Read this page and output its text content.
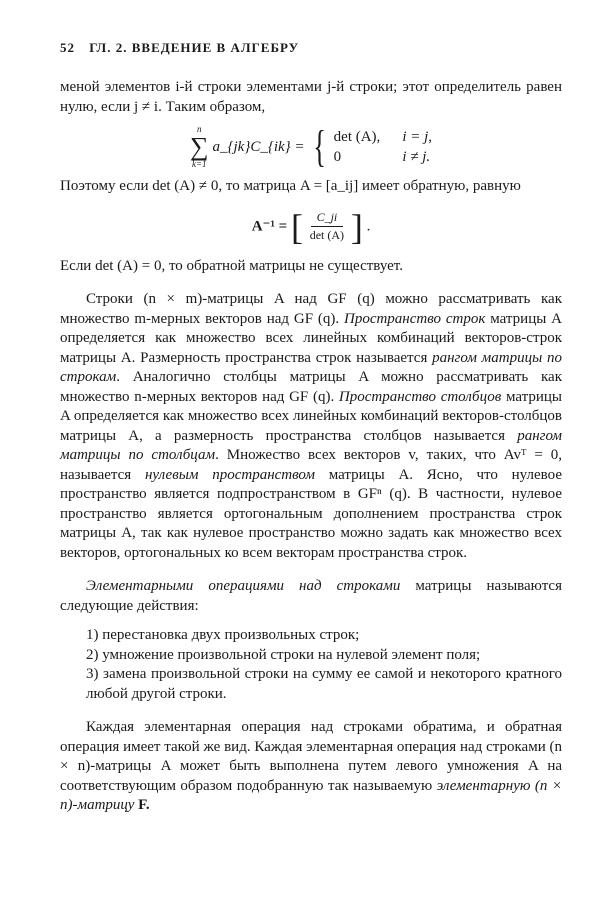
52 ГЛ. 2. ВВЕДЕНИЕ В АЛГЕБРУ

меной элементов i-й строки элементами j-й строки; этот определитель равен нулю, если j ≠ i. Таким образом,

n
∑
k=1
a_{jk}C_{ik} = { det (A), i = j,
0	i ≠ j.

Поэтому если det (A) ≠ 0, то матрица A = [a_ij] имеет обратную, равную

A⁻¹ = [ $\frac{C\_ji}{\det (A)}$ ] .

Если det (A) = 0, то обратной матрицы не существует.

Строки (n × m)-матрицы A над GF (q) можно рассматривать как множество m-мерных векторов над GF (q). Пространство строк матрицы A определяется как множество всех линейных комбинаций векторов-строк матрицы A. Размерность пространства строк называется рангом матрицы по строкам. Аналогично столбцы матрицы A можно рассматривать как множество n-мерных векторов над GF (q). Пространство столбцов матрицы A определяется как множество всех линейных комбинаций векторов-столбцов матрицы A, а размерность пространства столбцов называется рангом матрицы по столбцам. Множество всех векторов v, таких, что Avᵀ = 0, называется нулевым пространством матрицы A. Ясно, что нулевое пространство является подпространством в GFⁿ (q). В частности, нулевое пространство является ортогональным дополнением пространства строк матрицы A, так как нулевое пространство можно задать как множество всех векторов, ортогональных ко всем векторам пространства строк.

Элементарными операциями над строками матрицы называются следующие действия:

1) перестановка двух произвольных строк;
2) умножение произвольной строки на нулевой элемент поля;
3) замена произвольной строки на сумму ее самой и некоторого кратного любой другой строки.

Каждая элементарная операция над строками обратима, и обратная операция имеет такой же вид. Каждая элементарная операция над строками (n × n)-матрицы A может быть выполнена путем левого умножения A на соответствующим образом подобранную так называемую элементарную (n × n)-матрицу F.
